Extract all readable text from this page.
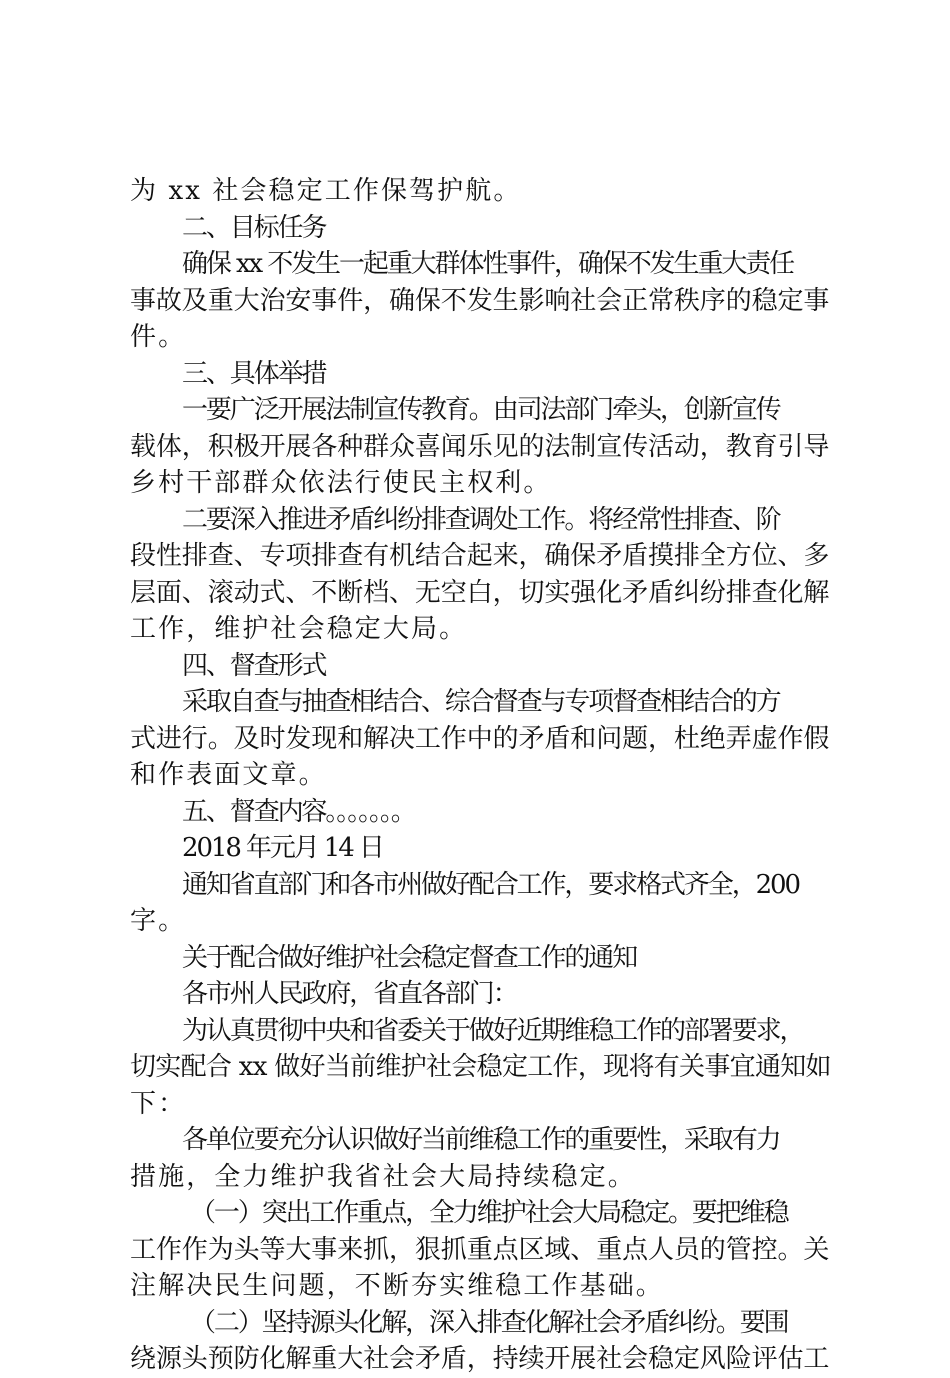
为 xx 社会稳定工作保驾护航。
二、目标任务
确保 xx 不发生一起重大群体性事件，确保不发生重大责任
事故及重大治安事件，确保不发生影响社会正常秩序的稳定事
件。
三、具体举措
一要广泛开展法制宣传教育。由司法部门牵头，创新宣传
载体，积极开展各种群众喜闻乐见的法制宣传活动，教育引导
乡村干部群众依法行使民主权利。
二要深入推进矛盾纠纷排查调处工作。将经常性排查、阶
段性排查、专项排查有机结合起来，确保矛盾摸排全方位、多
层面、滚动式、不断档、无空白，切实强化矛盾纠纷排查化解
工作，维护社会稳定大局。
四、督查形式
采取自查与抽查相结合、综合督查与专项督查相结合的方
式进行。及时发现和解决工作中的矛盾和问题，杜绝弄虚作假
和作表面文章。
五、督查内容。。。。。。。
2018 年元月 14 日
通知省直部门和各市州做好配合工作，要求格式齐全，200
字。
关于配合做好维护社会稳定督查工作的通知
各市州人民政府，省直各部门：
为认真贯彻中央和省委关于做好近期维稳工作的部署要求，
切实配合 xx 做好当前维护社会稳定工作，现将有关事宜通知如
下：
各单位要充分认识做好当前维稳工作的重要性，采取有力
措施，全力维护我省社会大局持续稳定。
（一）突出工作重点，全力维护社会大局稳定。要把维稳
工作作为头等大事来抓，狠抓重点区域、重点人员的管控。关
注解决民生问题，不断夯实维稳工作基础。
（二）坚持源头化解，深入排查化解社会矛盾纠纷。要围
绕源头预防化解重大社会矛盾，持续开展社会稳定风险评估工
